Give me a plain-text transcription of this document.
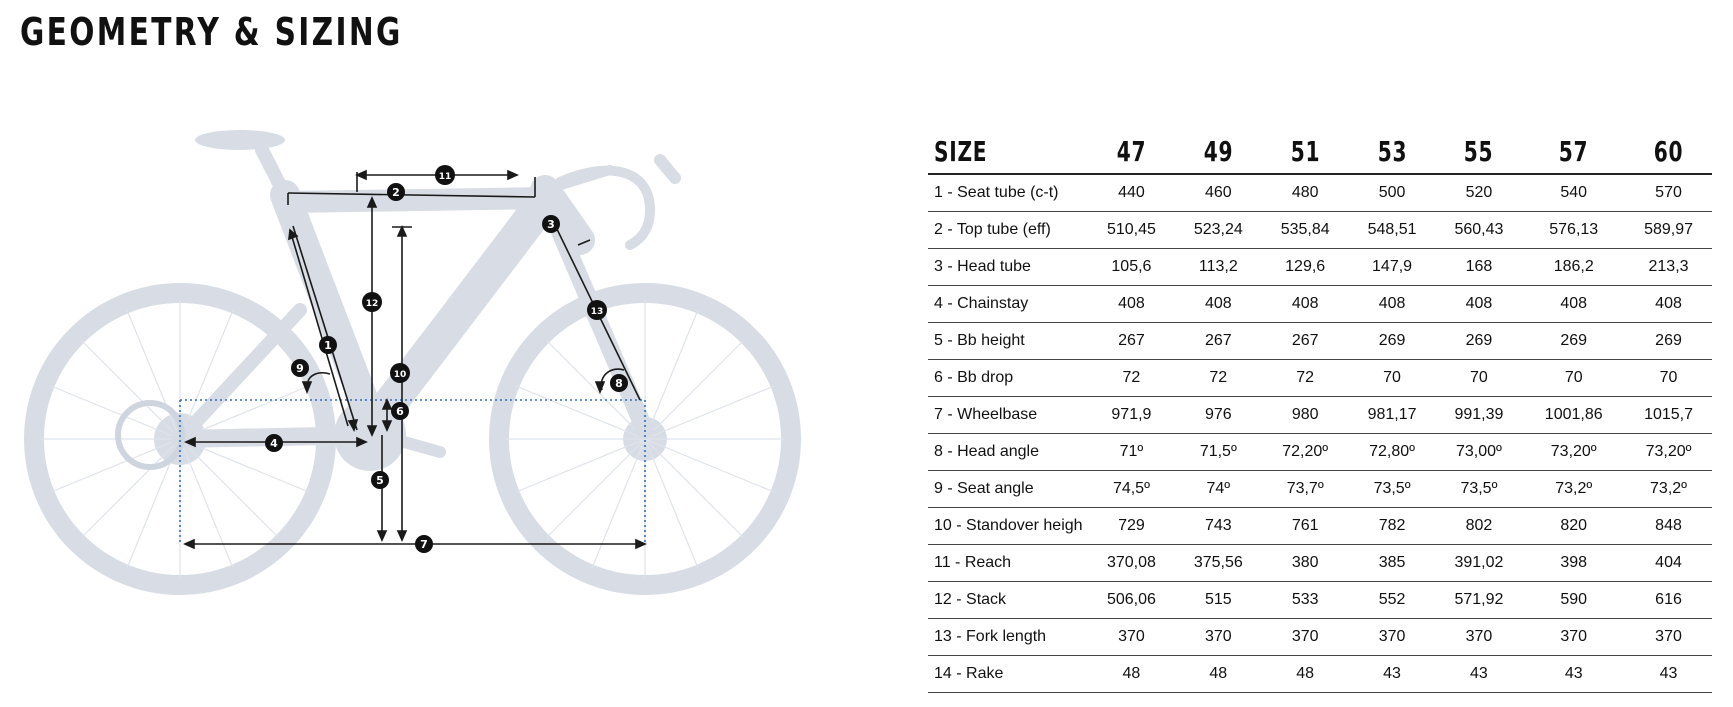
GEOMETRY & SIZING
1
2
3
4
5
6
7
8
9	10
11
12
13
SIZE	47	49	51	53	55	57	60
1 - Seat tube (c-t)	440	460	480	500	520	540	570
2 - Top tube (eff)	510,45	523,24	535,84	548,51	560,43	576,13	589,97
3 - Head tube	105,6	113,2	129,6	147,9	168	186,2	213,3
4 - Chainstay	408	408	408	408	408	408	408
5 - Bb height	267	267	267	269	269	269	269
6 - Bb drop	72	72	72	70	70	70	70
7 - Wheelbase	971,9	976	980	981,17	991,39	1001,86	1015,7
8 - Head angle	71º	71,5º	72,20º	72,80º	73,00º	73,20º	73,20º
9 - Seat angle	74,5º	74º	73,7º	73,5º	73,5º	73,2º	73,2º
10 - Standover heigh	729	743	761	782	802	820	848
11 - Reach	370,08	375,56	380	385	391,02	398	404
12 - Stack	506,06	515	533	552	571,92	590	616
13 - Fork length	370	370	370	370	370	370	370
14 - Rake	48	48	48	43	43	43	43
